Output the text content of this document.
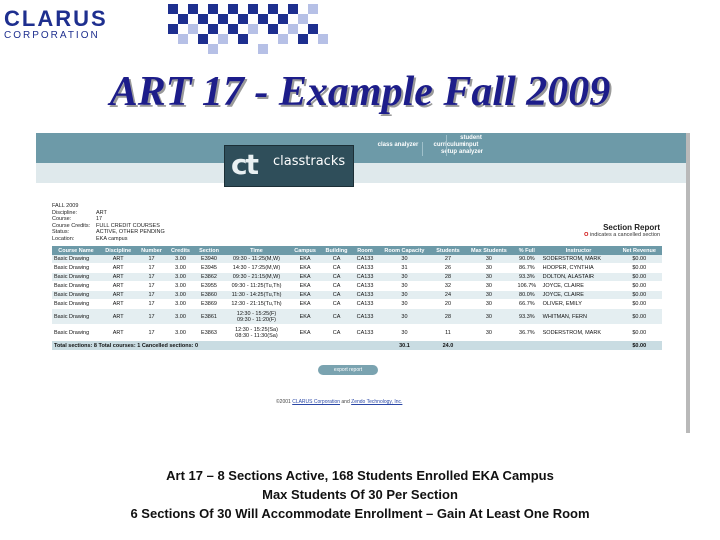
CLARUS
CORPORATION
ART 17 - Example Fall 2009
class analyzer	curriculum setup
student input analyzer
ct classtracks
FALL 2009
Discipline:	ART
Course:	17
Course Credits: FULL CREDIT COURSES
Status:	ACTIVE, OTHER PENDING
Location:	EKA campus
Section Report
O indicates a cancelled section
Course Name	Discipline	Number	Credits	Section	Time	Campus	Building	Room	Room Capacity	Students	Max Students	% Full	Instructor	Net Revenue
Basic Drawing	ART	17	3.00	E3940	09:30 - 11:25(M,W)	EKA	CA	CA133	30	27	30	90.0%	SODERSTROM, MARK	$0.00
Basic Drawing	ART	17	3.00	E3945	14:30 - 17:25(M,W)	EKA	CA	CA133	31	26	30	86.7%	HOOPER, CYNTHIA	$0.00
Basic Drawing	ART	17	3.00	E3862	09:30 - 21:15(M,W)	EKA	CA	CA133	30	28	30	93.3%	DOLTON, ALASTAIR	$0.00
Basic Drawing	ART	17	3.00	E3955	09:30 - 11:25(Tu,Th)	EKA	CA	CA133	30	32	30	106.7%	JOYCE, CLAIRE	$0.00
Basic Drawing	ART	17	3.00	E3860	11:30 - 14:25(Tu,Th)	EKA	CA	CA133	30	24	30	80.0%	JOYCE, CLAIRE	$0.00
Basic Drawing	ART	17	3.00	E3869	12:30 - 21:15(Tu,Th)	EKA	CA	CA133	30	20	30	66.7%	OLIVER, EMILY	$0.00
Basic Drawing	ART	17	3.00	E3861	12:30 - 15:25(F)
09:30 - 11:20(F)	EKA	CA	CA133	30	28	30	93.3%	WHITMAN, FERN	$0.00
Basic Drawing	ART	17	3.00	E3863	12:30 - 15:25(Sa)
08:30 - 11:30(Sa)	EKA	CA	CA133	30	11	30	36.7%	SODERSTROM, MARK	$0.00
Total sections: 8 Total courses: 1 Cancelled sections: 0									30.1	24.0				$0.00
export report
©2001 CLARUS Corporation and Zendo Technology, Inc.
Art 17 – 8 Sections Active, 168 Students Enrolled EKA Campus
Max Students Of 30 Per Section
6 Sections Of 30 Will Accommodate Enrollment – Gain At Least One Room
